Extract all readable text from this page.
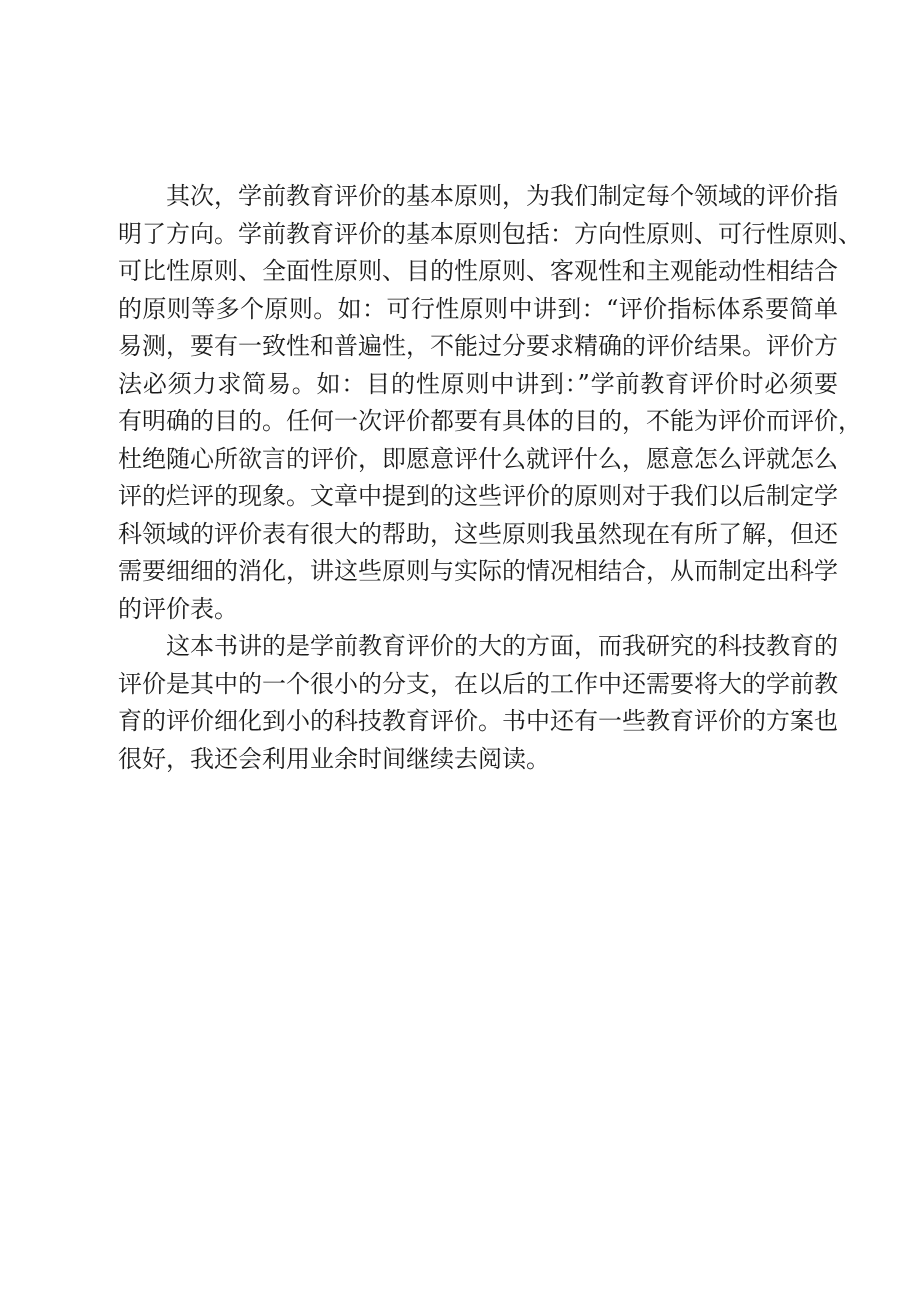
　　其次，学前教育评价的基本原则，为我们制定每个领域的评价指
明了方向。学前教育评价的基本原则包括：方向性原则、可行性原则、
可比性原则、全面性原则、目的性原则、客观性和主观能动性相结合
的原则等多个原则。如：可行性原则中讲到：“评价指标体系要简单
易测，要有一致性和普遍性，不能过分要求精确的评价结果。评价方
法必须力求简易。如：目的性原则中讲到：”学前教育评价时必须要
有明确的目的。任何一次评价都要有具体的目的，不能为评价而评价，
杜绝随心所欲言的评价，即愿意评什么就评什么，愿意怎么评就怎么
评的烂评的现象。文章中提到的这些评价的原则对于我们以后制定学
科领域的评价表有很大的帮助，这些原则我虽然现在有所了解，但还
需要细细的消化，讲这些原则与实际的情况相结合，从而制定出科学
的评价表。
　　这本书讲的是学前教育评价的大的方面，而我研究的科技教育的
评价是其中的一个很小的分支，在以后的工作中还需要将大的学前教
育的评价细化到小的科技教育评价。书中还有一些教育评价的方案也
很好，我还会利用业余时间继续去阅读。
